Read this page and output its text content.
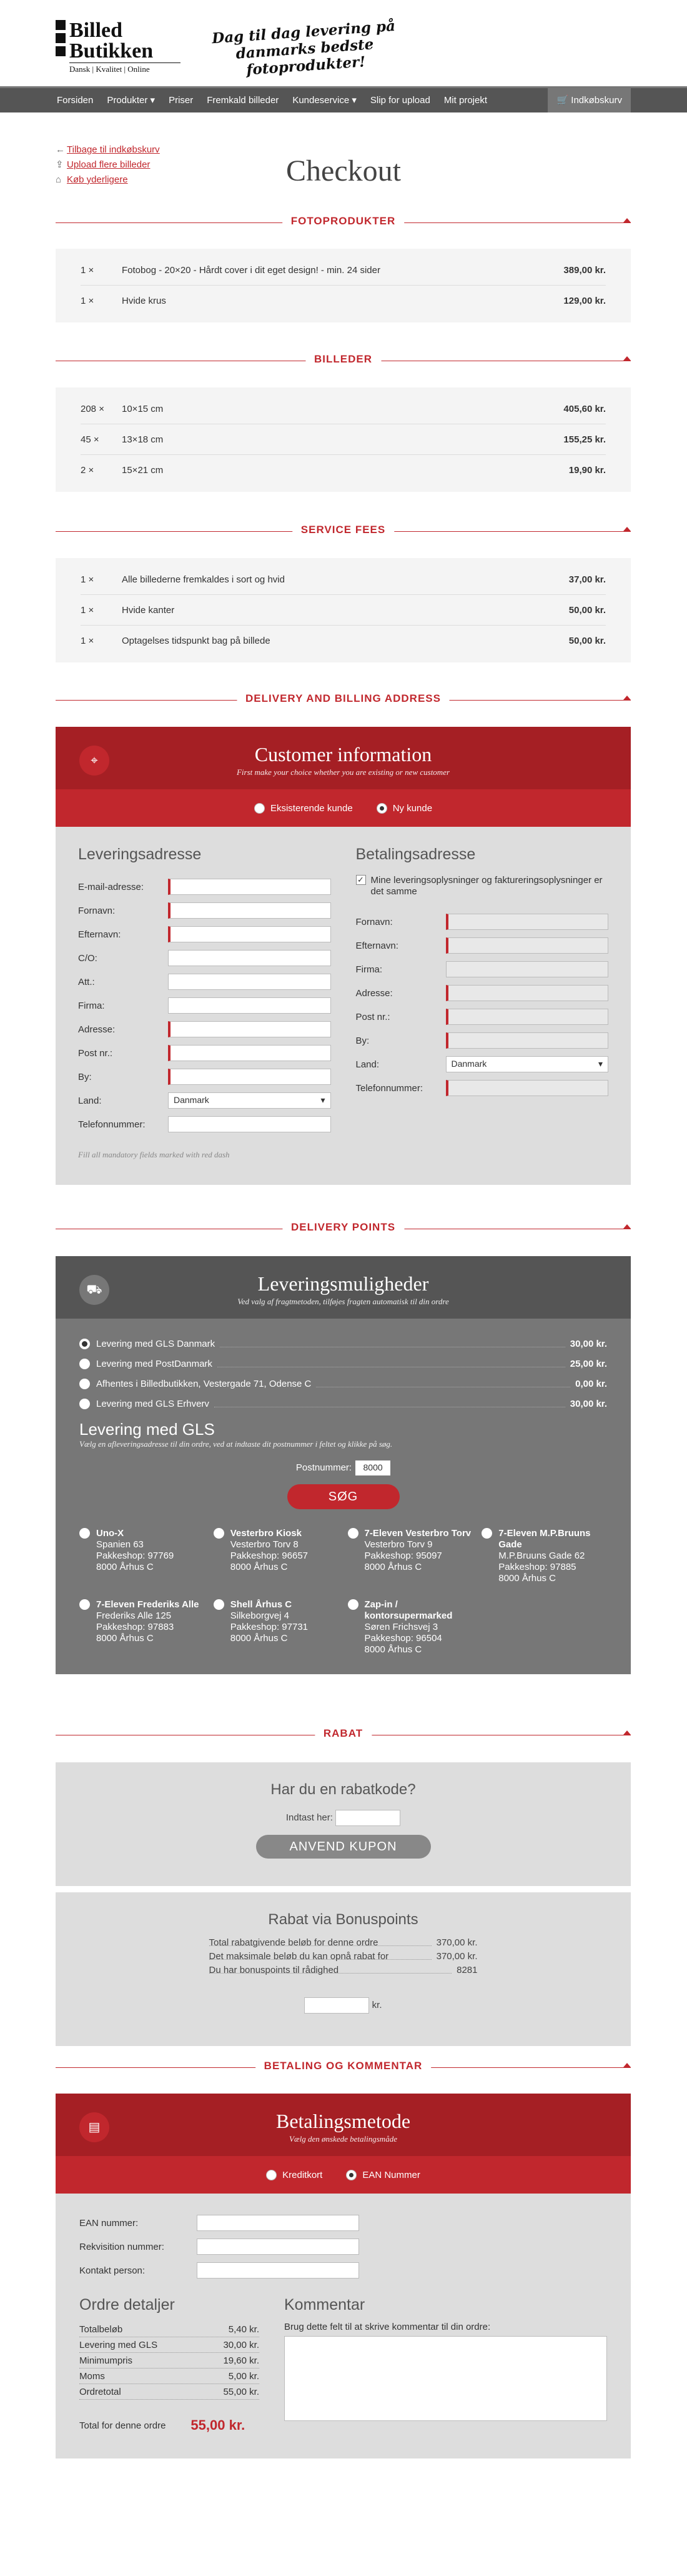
Billed
Butikken
Dansk | Kvalitet | Online
Dag til dag levering på danmarks bedste fotoprodukter!
Forsiden	Produkter ▾	Priser	Fremkald billeder	Kundeservice ▾	Slip for upload	Mit projekt	🛒 Indkøbskurv
← Tilbage til indkøbskurv
⇪ Upload flere billeder
⌂ Køb yderligere	Checkout
FOTOPRODUKTER
1 ×	Fotobog - 20×20 - Hårdt cover i dit eget design! - min. 24 sider	389,00 kr.
1 ×	Hvide krus	129,00 kr.
BILLEDER
208 ×	10×15 cm	405,60 kr.
45 ×	13×18 cm	155,25 kr.
2 ×	15×21 cm	19,90 kr.
SERVICE FEES
1 ×	Alle billederne fremkaldes i sort og hvid	37,00 kr.
1 ×	Hvide kanter	50,00 kr.
1 ×	Optagelses tidspunkt bag på billede	50,00 kr.
DELIVERY AND BILLING ADDRESS
⌖	Customer information
First make your choice whether you are existing or new customer
Eksisterende kunde	Ny kunde
Leveringsadresse
E-mail-adresse:
Fornavn:
Efternavn:
C/O:
Att.:
Firma:
Adresse:
Post nr.:
By:
Land:	Danmark ▾
Telefonnummer:
Fill all mandatory fields marked with red dash
Betalingsadresse
✓ Mine leveringsoplysninger og faktureringsoplysninger er det samme
Fornavn:
Efternavn:
Firma:
Adresse:
Post nr.:
By:
Land:	Danmark ▾
Telefonnummer:
DELIVERY POINTS
⛟	Leveringsmuligheder
Ved valg af fragtmetoden, tilføjes fragten automatisk til din ordre
Levering med GLS Danmark	30,00 kr.
Levering med PostDanmark	25,00 kr.
Afhentes i Billedbutikken, Vestergade 71, Odense C	0,00 kr.
Levering med GLS Erhverv	30,00 kr.
Levering med GLS
Vælg en afleveringsadresse til din ordre, ved at indtaste dit postnummer i feltet og klikke på søg.
Postnummer: 8000
SØG
Uno-X
Spanien 63
Pakkeshop: 97769
8000 Århus C
Vesterbro Kiosk
Vesterbro Torv 8
Pakkeshop: 96657
8000 Århus C
7-Eleven Vesterbro Torv
Vesterbro Torv 9
Pakkeshop: 95097
8000 Århus C
7-Eleven M.P.Bruuns Gade
M.P.Bruuns Gade 62
Pakkeshop: 97885
8000 Århus C
7-Eleven Frederiks Alle
Frederiks Alle 125
Pakkeshop: 97883
8000 Århus C
Shell Århus C
Silkeborgvej 4
Pakkeshop: 97731
8000 Århus C
Zap-in / kontorsupermarked
Søren Frichsvej 3
Pakkeshop: 96504
8000 Århus C
RABAT
Har du en rabatkode?
Indtast her:
ANVEND KUPON
Rabat via Bonuspoints
Total rabatgivende beløb for denne ordre	370,00 kr.
Det maksimale beløb du kan opnå rabat for	370,00 kr.
Du har bonuspoints til rådighed	8281
kr.
BETALING OG KOMMENTAR
▤	Betalingsmetode
Vælg den ønskede betalingsmåde
Kreditkort	EAN Nummer
EAN nummer:
Rekvisition nummer:
Kontakt person:
Ordre detaljer
Totalbeløb	5,40 kr.
Levering med GLS	30,00 kr.
Minimumpris	19,60 kr.
Moms	5,00 kr.
Ordretotal	55,00 kr.
Total for denne ordre 55,00 kr.
Kommentar

Brug dette felt til at skrive kommentar til din ordre:
